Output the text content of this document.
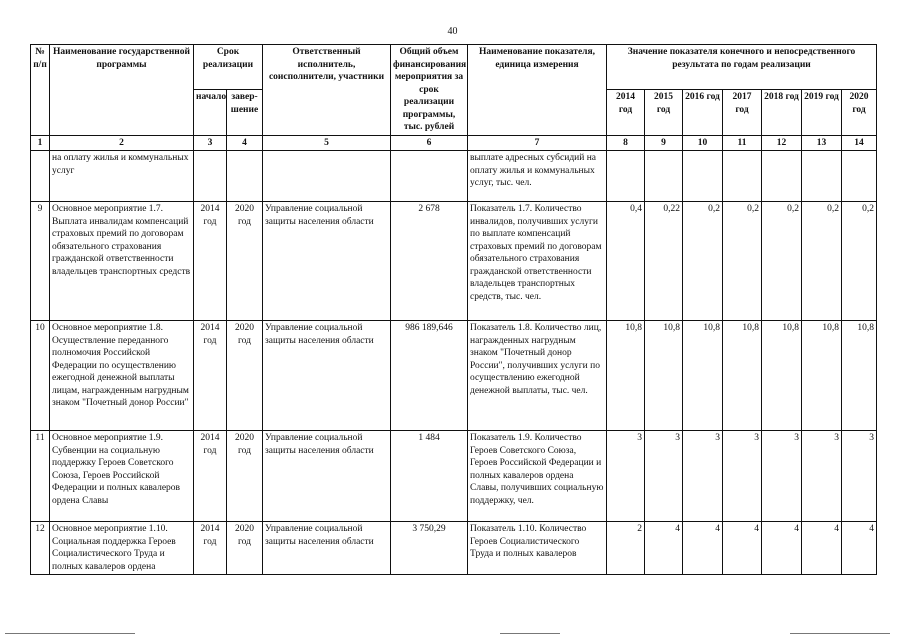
40
№ п/п	Наименование государственной программы	Срок реализации		Ответственный исполнитель, соисполнители, участники	Общий объем финансирования мероприятия за срок реализации программы, тыс. рублей	Наименование показателя, единица измерения	Значение показателя конечного и непосредственного результата по годам реализации						
		начало	завер-шение				2014 год	2015 год	2016 год	2017 год	2018 год	2019 год	2020 год
1	2	3	4	5	6	7	8	9	10	11	12	13	14
	на оплату жилья и коммунальных услуг					выплате адресных субсидий на оплату жилья и коммунальных услуг, тыс. чел.							
9	Основное мероприятие 1.7. Выплата инвалидам компенсаций страховых премий по договорам обязательного страхования гражданской ответственности владельцев транспортных средств	2014 год	2020 год	Управление социальной защиты населения области	2 678	Показатель 1.7. Количество инвалидов, получивших услуги по выплате компенсаций страховых премий по договорам обязательного страхования гражданской ответственности владельцев транспортных средств, тыс. чел.	0,4	0,22	0,2	0,2	0,2	0,2	0,2
10	Основное мероприятие 1.8. Осуществление переданного полномочия Российской Федерации по осуществлению ежегодной денежной выплаты лицам, награжденным нагрудным знаком "Почетный донор России"	2014 год	2020 год	Управление социальной защиты населения области	986 189,646	Показатель 1.8. Количество лиц, награжденных нагрудным знаком "Почетный донор России", получивших услуги по осуществлению ежегодной денежной выплаты, тыс. чел.	10,8	10,8	10,8	10,8	10,8	10,8	10,8
11	Основное мероприятие 1.9. Субвенции на социальную поддержку Героев Советского Союза, Героев Российской Федерации и полных кавалеров ордена Славы	2014 год	2020 год	Управление социальной защиты населения области	1 484	Показатель 1.9. Количество Героев Советского Союза, Героев Российской Федерации и полных кавалеров ордена Славы, получивших социальную поддержку, чел.	3	3	3	3	3	3	3
12	Основное мероприятие 1.10. Социальная поддержка Героев Социалистического Труда и полных кавалеров ордена	2014 год	2020 год	Управление социальной защиты населения области	3 750,29	Показатель 1.10. Количество Героев Социалистического Труда и полных кавалеров	2	4	4	4	4	4	4
